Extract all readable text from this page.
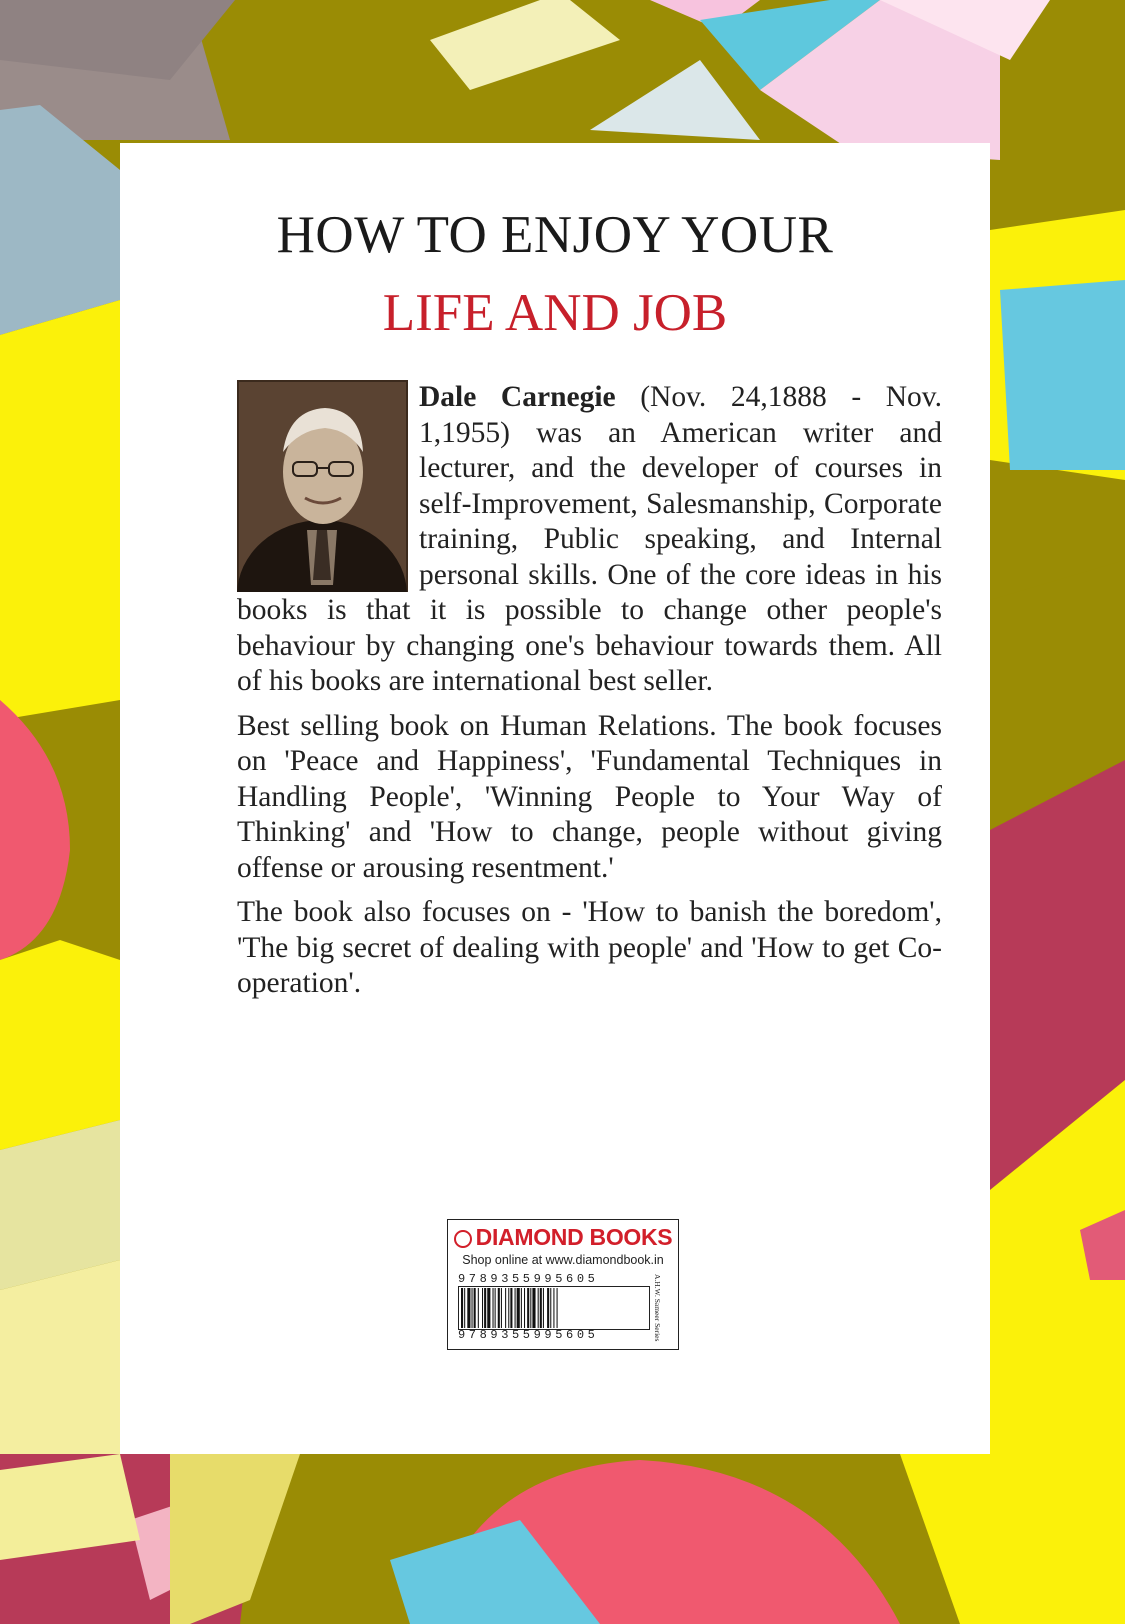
HOW TO ENJOY YOUR
LIFE AND JOB

Dale Carnegie (Nov. 24,1888 - Nov. 1,1955) was an American writer and lecturer, and the developer of courses in self-Improvement, Salesmanship, Corporate training, Public speaking, and Internal personal skills. One of the core ideas in his books is that it is possible to change other people's behaviour by changing one's behaviour towards them. All of his books are international best seller.

Best selling book on Human Relations. The book focuses on 'Peace and Happiness', 'Fundamental Techniques in Handling People', 'Winning People to Your Way of Thinking' and 'How to change, people without giving offense or arousing resentment.'

The book also focuses on - 'How to banish the boredom', 'The big secret of dealing with people' and 'How to get Co-operation'.

DIAMOND BOOKS
Shop online at www.diamondbook.in
9789355995605
9789355995605	A.H.W. Sameer Series
